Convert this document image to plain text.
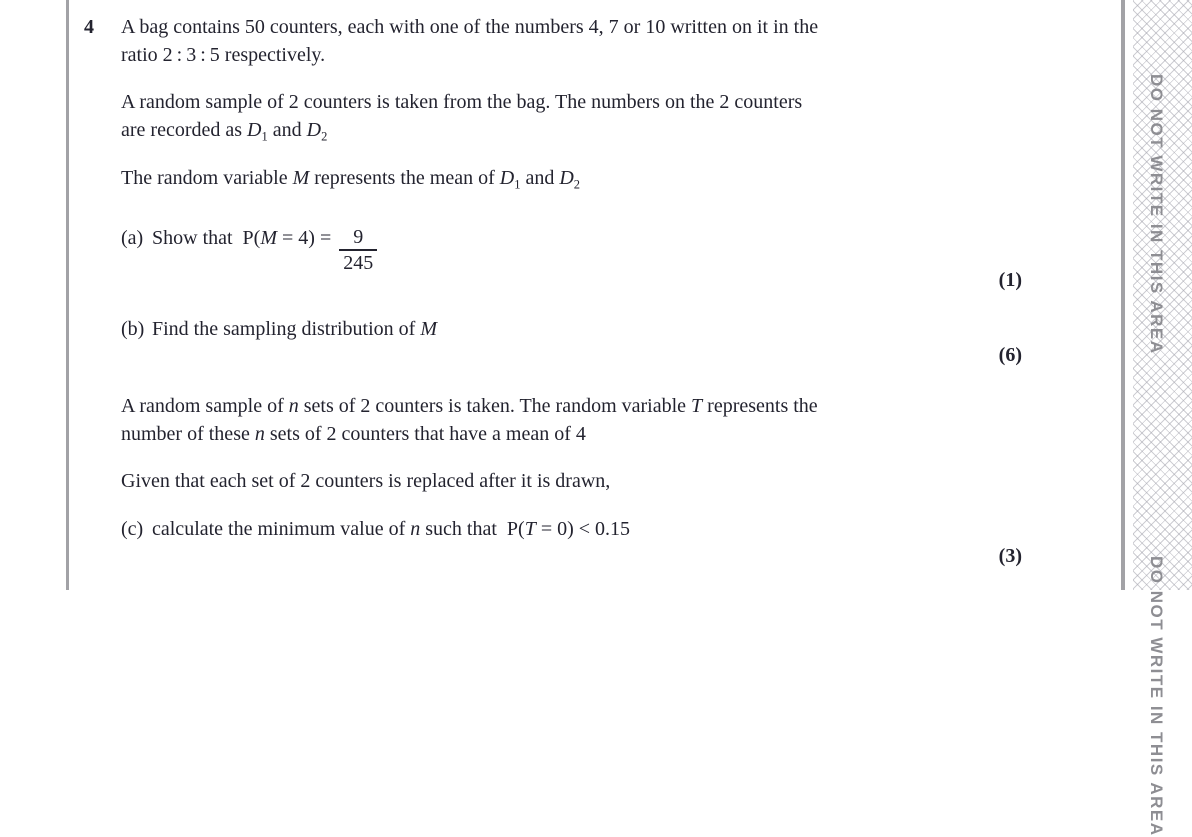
4 A bag contains 50 counters, each with one of the numbers 4, 7 or 10 written on it in the
ratio 2 : 3 : 5 respectively.
A random sample of 2 counters is taken from the bag. The numbers on the 2 counters
are recorded as $D_1$ and $D_2$
The random variable M represents the mean of $D_1$ and $D_2$
(a) Show that  $P(M = 4) = \frac{9}{245}$
(1)
(b) Find the sampling distribution of M
(6)
A random sample of n sets of 2 counters is taken. The random variable T represents the
number of these n sets of 2 counters that have a mean of 4
Given that each set of 2 counters is replaced after it is drawn,
(c) calculate the minimum value of n such that  P(T = 0) < 0.15
(3)
DO NOT WRITE IN THIS AREA
DO NOT WRITE IN THIS AREA
